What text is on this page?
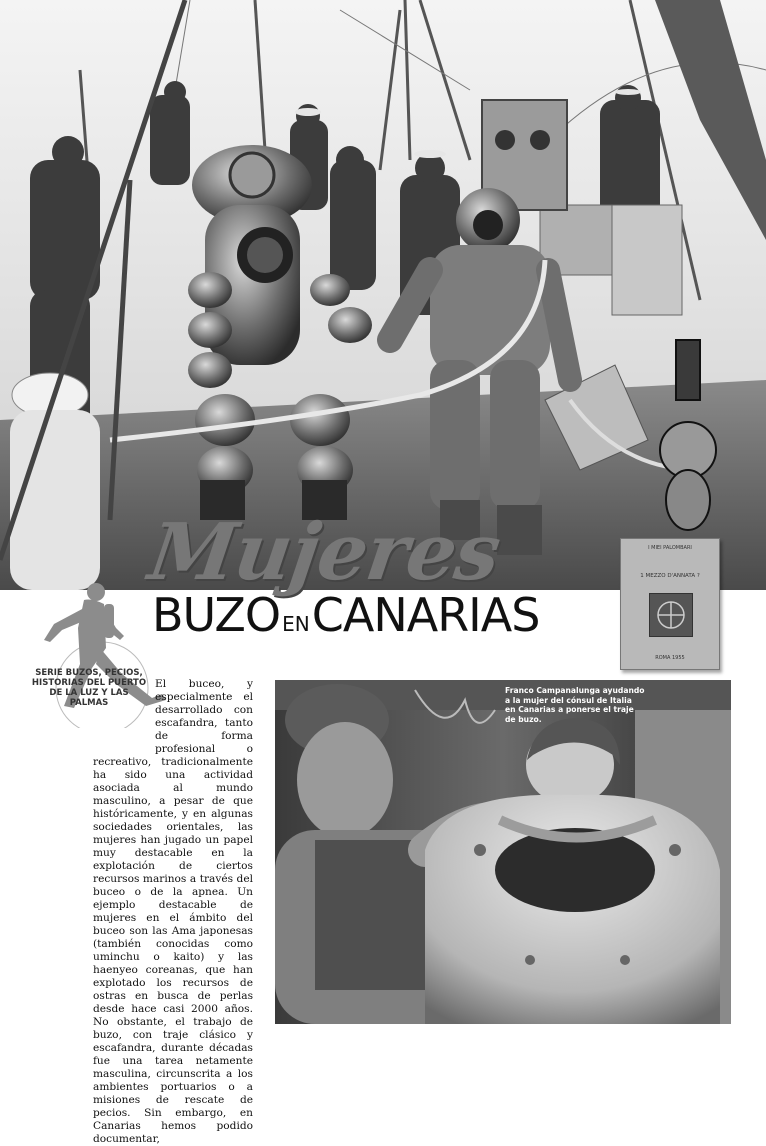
Mujeres
BUZO EN CANARIAS
I MIEI PALOMBARI
1 MEZZO D'ANNATA ?
ROMA 1955
SERIE BUZOS, PECIOS, HISTORIAS DEL PUERTO DE LA LUZ Y LAS PALMAS
El buceo, y especialmente el desarrollado con escafandra, tanto de forma profesional o recreativo, tradicionalmente ha sido una actividad asociada al mundo masculino, a pesar de que históricamente, y en algunas sociedades orientales, las mujeres han jugado un papel muy destacable en la explotación de ciertos recursos marinos a través del buceo o de la apnea. Un ejemplo destacable de mujeres en el ámbito del buceo son las Ama japonesas (también conocidas como uminchu o kaito) y las haenyeo coreanas, que han explotado los recursos de ostras en busca de perlas desde hace casi 2000 años. No obstante, el trabajo de buzo, con traje clásico y escafandra, durante décadas fue una tarea netamente masculina, circunscrita a los ambientes portuarios o a misiones de rescate de pecios. Sin embargo, en Canarias hemos podido documentar,
Franco Campanalunga ayudando a la mujer del cónsul de Italia en Canarias a ponerse el traje de buzo.
